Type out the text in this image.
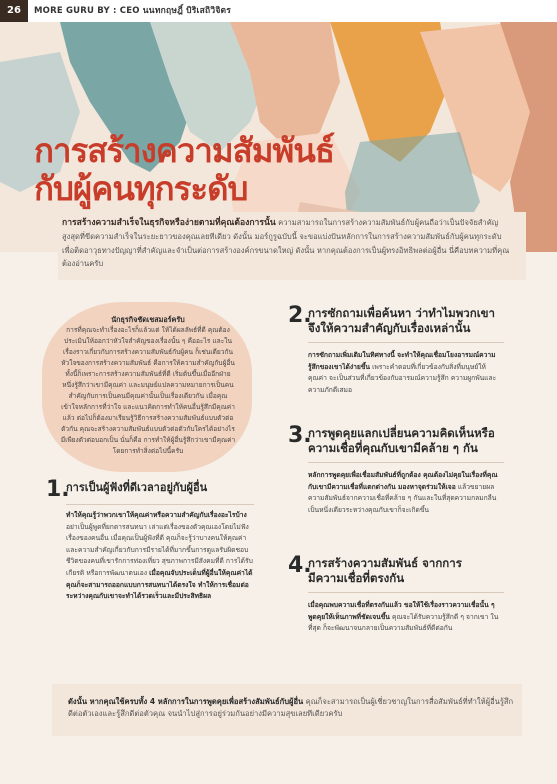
26	MORE GURU BY : CEO นนทกฤษฎิ์ บิริเสถิวิจิตร
การสร้างความสัมพันธ์
กับผู้คนทุกระดับ
การสร้างความสำเร็จในธุรกิจหรือง่ายตามที่คุณต้องการนั้น ความสามารถในการสร้างความสัมพันธ์กับผู้คนถือว่าเป็นปัจจัยสำคัญสูงสุดที่ขีดความสำเร็จในระยะยาวของคุณเลยทีเดียว ดังนั้น มอร์กูรูฉบับนี้ จะขอแบ่งปันหลักการในการสร้างความสัมพันธ์กับผู้คนทุกระดับ เพื่อติดอาวุธทางปัญญาที่สำคัญและจำเป็นต่อการสร้างองค์กรขนาดใหญ่ ดังนั้น หากคุณต้องการเป็นผู้ทรงอิทธิพลต่อผู้อื่น นี่คือบทความที่คุณต้องอ่านครับ
นักธุรกิจชัดเชสมอร์ครับ
การที่คุณจะทำเรื่องอะไรก็แล้วแต่ ให้ได้ผลลัพธ์ที่ดี คุณต้องประเมินให้ออกว่าหัวใจสำคัญของเรื่องนั้น ๆ คืออะไร และในเรื่องราวเกี่ยวกับการสร้างความสัมพันธ์กับผู้คน ก็เช่นเดียวกัน หัวใจของการสร้างความสัมพันธ์ คือการให้ความสำคัญกับผู้อื่น ทั้งนี้ก็เพราะการสร้างความสัมพันธ์ที่ดี เริ่มต้นขึ้นเมื่ออีกฝ่ายหนึ่งรู้สึกว่าเขามีคุณค่า และมนุษย์แปลความหมายการเป็นคนสำคัญกับการเป็นคนมีคุณค่านั้นเป็นเรื่องเดียวกัน เมื่อคุณเข้าใจหลักการที่ว่าใจ และแนวคิดการทำให้คนอื่นรู้สึกมีคุณค่าแล้ว ต่อไปก็ต้องมาเรียนรู้วิธีการสร้างความสัมพันธ์แบบตัวต่อตัวกัน คุณจะสร้างความสัมพันธ์แบบตัวต่อตัวกับใครได้อย่างไรมีเพียงตัวต่อบอกเป็น นั่นก็คือ การทำให้ผู้อื่นรู้สึกว่าเขามีคุณค่า โดยการทำสิ่งต่อไปนี้ครับ
1.
การเป็นผู้ฟังที่ดีเวลาอยู่กับผู้อื่น
ทำให้คุณรู้ว่าพวกเขาให้คุณค่าหรือความสำคัญกับเรื่องอะไรบ้าง อย่าเป็นผู้พูดที่ยกตารสนทนา เล่าแต่เรื่องของตัวคุณเองโดยไม่ฟังเรื่องของคนอื่น เมื่อคุณเป็นผู้ฟังที่ดี คุณก็จะรู้ว่าบางคนให้คุณค่า และความสำคัญเกี่ยวกับการมีรายได้ที่มากขึ้นการดูแลรับผิดชอบชีวิตของคนที่เขารักการท่องเที่ยว สุขภาพการมีสังคมที่ดี การได้รับเกียรติ หรือการพัฒนาตนเอง เมื่อคุณจับประเด็นที่ผู้อื่นให้คุณค่าได้ คุณก็จะสามารถออกแบบการสนทนาได้ตรงใจ ทำให้การเชื่อมต่อระหว่างคุณกับเขาจะทำได้รวดเร็วและมีประสิทธิผล
2.
การซักถามเพื่อค้นหา ว่าทำไมพวกเขา
จึงให้ความสำคัญกับเรื่องเหล่านั้น
การซักถามเพิ่มเติมในทิศทางนี้ จะทำให้คุณเชื่อมโยงอารมณ์ความรู้สึกของเขาได้ง่ายขึ้น เพราะคำตอบที่เกี่ยวข้องกับสิ่งที่มนุษย์ให้คุณค่า จะเป็นส่วนที่เกี่ยวข้องกับอารมณ์ความรู้สึก ความผูกพันและความภักดีเสมอ
3.
การพูดคุยแลกเปลี่ยนความคิดเห็นหรือ
ความเชื่อที่คุณกับเขามีคล้าย ๆ กัน
หลักการพูดคุยเพื่อเชื่อมสัมพันธ์ที่ถูกต้อง คุณต้องไม่คุยในเรื่องที่คุณกับเขามีความเชื่อที่แตกต่างกัน มองหาจุดร่วมให้เจอ แล้วขยายผลความสัมพันธ์จากความเชื่อที่คล้าย ๆ กันและในที่สุดความกลมกลืนเป็นหนึ่งเดียวระหว่างคุณกับเขาก็จะเกิดขึ้น
4.
การสร้างความสัมพันธ์ จากการ
มีความเชื่อที่ตรงกัน
เมื่อคุณพบความเชื่อที่ตรงกันแล้ว ขอให้ใช้เรื่องราวความเชื่อนั้น ๆ พูดคุยให้เห็นภาพที่ชัดเจนขึ้น คุณจะได้รับความรู้สึกดี ๆ จากเขา ในที่สุด ก็จะพัฒนาจนกลายเป็นความสัมพันธ์ที่ดีต่อกัน
ดังนั้น หากคุณใช้ครบทั้ง 4 หลักการในการพูดคุยเพื่อสร้างสัมพันธ์กับผู้อื่น คุณก็จะสามารถเป็นผู้เชี่ยวชาญในการสื่อสัมพันธ์ที่ทำให้ผู้อื่นรู้สึกดีต่อตัวเองและรู้สึกดีต่อตัวคุณ จนนำไปสู่การอยู่ร่วมกันอย่างมีความสุขเลยทีเดียวครับ
